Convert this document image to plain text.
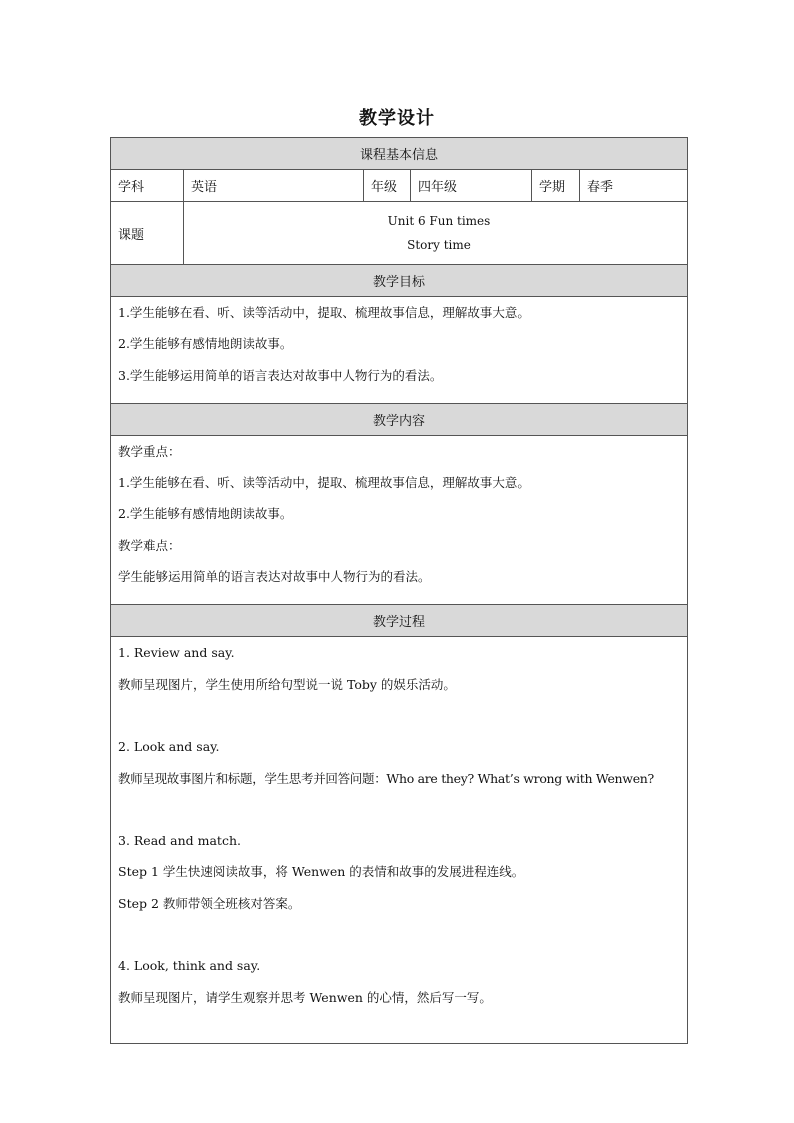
教学设计
课程基本信息
学科	英语	年级	四年级	学期	春季
课题
Unit 6 Fun times
Story time
教学目标
1.学生能够在看、听、读等活动中，提取、梳理故事信息，理解故事大意。
2.学生能够有感情地朗读故事。
3.学生能够运用简单的语言表达对故事中人物行为的看法。
教学内容
教学重点：
1.学生能够在看、听、读等活动中，提取、梳理故事信息，理解故事大意。
2.学生能够有感情地朗读故事。
教学难点：
学生能够运用简单的语言表达对故事中人物行为的看法。
教学过程
1. Review and say.
教师呈现图片，学生使用所给句型说一说 Toby 的娱乐活动。
2. Look and say.
教师呈现故事图片和标题，学生思考并回答问题：Who are they? What’s wrong with Wenwen?
3. Read and match.
Step 1 学生快速阅读故事，将 Wenwen 的表情和故事的发展进程连线。
Step 2 教师带领全班核对答案。
4. Look, think and say.
教师呈现图片，请学生观察并思考 Wenwen 的心情，然后写一写。
